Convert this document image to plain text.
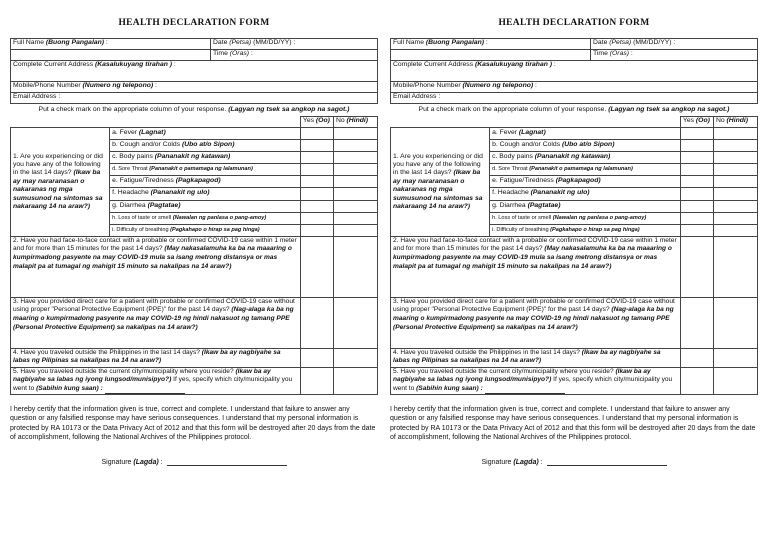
HEALTH DECLARATION FORM
Full Name (Buong Pangalan) :	Date (Petsa) (MM/DD/YY) :
	Time (Oras) :
Complete Current Address (Kasalukuyang tirahan ) :	
Mobile/Phone Number (Numero ng telepono) :	
Email Address :	
Put a check mark on the appropriate column of your response. (Lagyan ng tsek sa angkop na sagot.)
		Yes (Oo)	No (Hindi)
1. Are you experiencing or did you have any of the following in the last 14 days? (Ikaw ba ay may nararanasan o nakaranas ng mga sumusunod na sintomas sa nakaraang 14 na araw?)	a. Fever (Lagnat)		
	b. Cough and/or Colds (Ubo at/o Sipon)		
	c. Body pains (Pananakit ng katawan)		
	d. Sore Throat (Pananakit o pamamaga ng lalamunan)		
	e. Fatigue/Tiredness (Pagkapagod)		
	f. Headache (Pananakit ng ulo)		
	g. Diarrhea (Pagtatae)		
	h. Loss of taste or smell (Nawalan ng panlasa o pang-amoy)		
	i. Difficulty of breathing (Pagkahapo o hirap sa pag hinga)		
2. Have you had face-to-face contact with a probable or confirmed COVID-19 case within 1 meter and for more than 15 minutes for the past 14 days? (May nakasalamuha ka ba na maaaring o kumpirmadong pasyente na may COVID-19 mula sa isang metrong distansya or mas malapit pa at tumagal ng mahigit 15 minuto sa nakalipas na 14 araw?)			
3. Have you provided direct care for a patient with probable or confirmed COVID-19 case without using proper "Personal Protective Equipment (PPE)" for the past 14 days? (Nag-alaga ka ba ng maaring o kumpirmadong pasyente na may COVID-19 ng hindi nakasuot ng tamang PPE (Personal Protective Equipment) sa nakalipas na 14 araw?)			
4. Have you traveled outside the Philippines in the last 14 days? (Ikaw ba ay nagbiyahe sa labas ng Pilipinas sa nakalipas na 14 na araw?)			
5. Have you traveled outside the current city/municipality where you reside? (Ikaw ba ay nagbiyahe sa labas ng iyong lungsod/munisipyo?) If yes, specify which city/municipality you went to (Sabihin kung saan) :			
I hereby certify that the information given is true, correct and complete. I understand that failure to answer any question or any falsified response may have serious consequences. I understand that my personal information is protected by RA 10173 or the Data Privacy Act of 2012 and that this form will be destroyed after 20 days from the date of accomplishment, following the National Archives of the Philippines protocol.
Signature (Lagda) :
HEALTH DECLARATION FORM
Full Name (Buong Pangalan) :	Date (Petsa) (MM/DD/YY) :
	Time (Oras) :
Complete Current Address (Kasalukuyang tirahan ) :	
Mobile/Phone Number (Numero ng telepono) :	
Email Address :	
Put a check mark on the appropriate column of your response. (Lagyan ng tsek sa angkop na sagot.)
		Yes (Oo)	No (Hindi)
1. Are you experiencing or did you have any of the following in the last 14 days? (Ikaw ba ay may nararanasan o nakaranas ng mga sumusunod na sintomas sa nakaraang 14 na araw?)	a. Fever (Lagnat)		
	b. Cough and/or Colds (Ubo at/o Sipon)		
	c. Body pains (Pananakit ng katawan)		
	d. Sore Throat (Pananakit o pamamaga ng lalamunan)		
	e. Fatigue/Tiredness (Pagkapagod)		
	f. Headache (Pananakit ng ulo)		
	g. Diarrhea (Pagtatae)		
	h. Loss of taste or smell (Nawalan ng panlasa o pang-amoy)		
	i. Difficulty of breathing (Pagkahapo o hirap sa pag hinga)		
2. Have you had face-to-face contact with a probable or confirmed COVID-19 case within 1 meter and for more than 15 minutes for the past 14 days? (May nakasalamuha ka ba na maaaring o kumpirmadong pasyente na may COVID-19 mula sa isang metrong distansya or mas malapit pa at tumagal ng mahigit 15 minuto sa nakalipas na 14 araw?)			
3. Have you provided direct care for a patient with probable or confirmed COVID-19 case without using proper "Personal Protective Equipment (PPE)" for the past 14 days? (Nag-alaga ka ba ng maaring o kumpirmadong pasyente na may COVID-19 ng hindi nakasuot ng tamang PPE (Personal Protective Equipment) sa nakalipas na 14 araw?)			
4. Have you traveled outside the Philippines in the last 14 days? (Ikaw ba ay nagbiyahe sa labas ng Pilipinas sa nakalipas na 14 na araw?)			
5. Have you traveled outside the current city/municipality where you reside? (Ikaw ba ay nagbiyahe sa labas ng iyong lungsod/munisipyo?) If yes, specify which city/municipality you went to (Sabihin kung saan) :			
I hereby certify that the information given is true, correct and complete. I understand that failure to answer any question or any falsified response may have serious consequences. I understand that my personal information is protected by RA 10173 or the Data Privacy Act of 2012 and that this form will be destroyed after 20 days from the date of accomplishment, following the National Archives of the Philippines protocol.
Signature (Lagda) :
